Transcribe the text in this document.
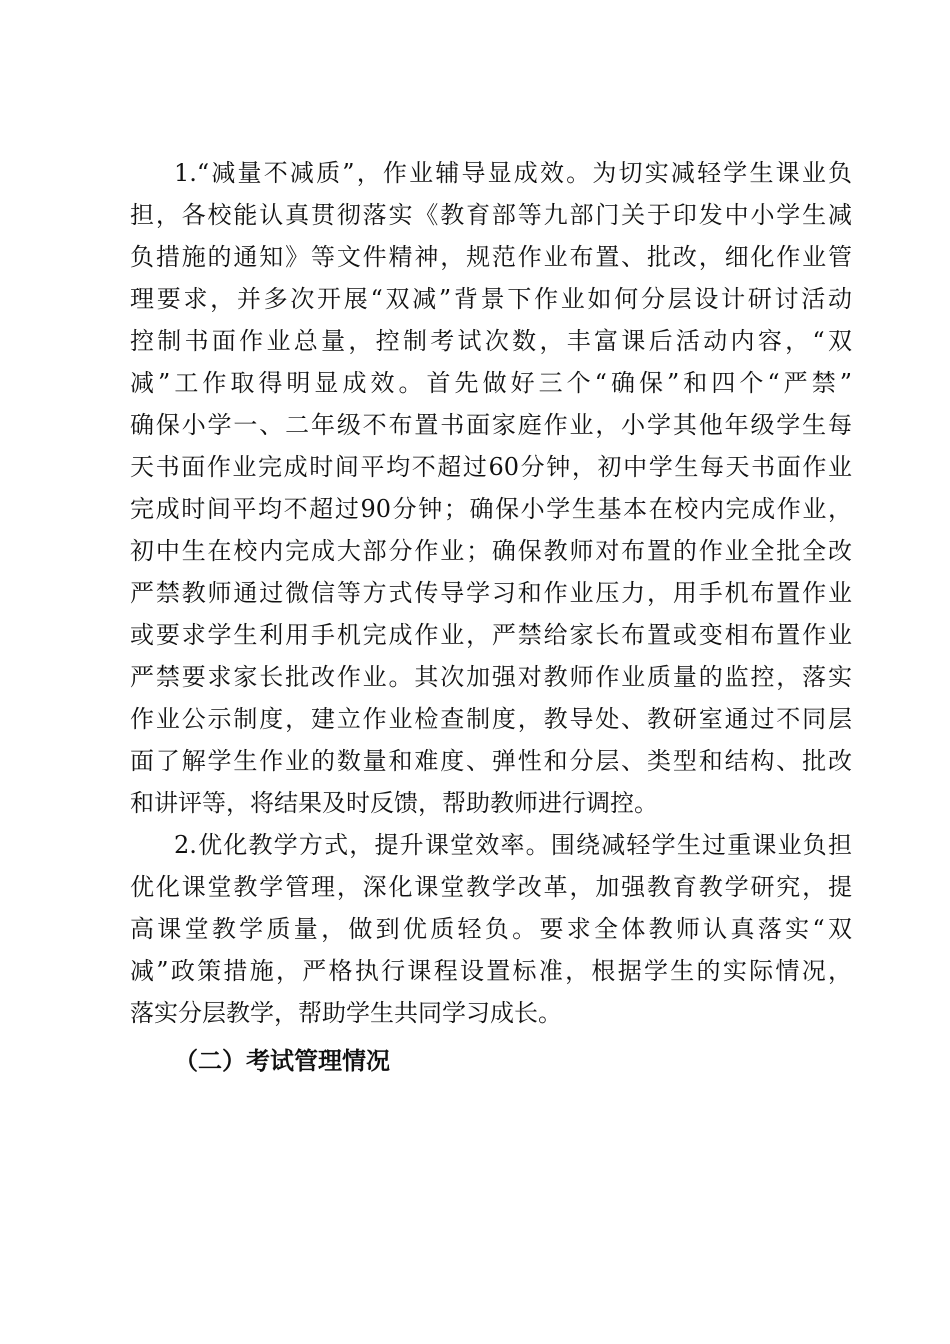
1.“减量不减质”，作业辅导显成效。为切实减轻学生课业负
担，各校能认真贯彻落实《教育部等九部门关于印发中小学生减
负措施的通知》等文件精神，规范作业布置、批改，细化作业管
理要求，并多次开展“双减”背景下作业如何分层设计研讨活动
控制书面作业总量，控制考试次数，丰富课后活动内容，“双
减”工作取得明显成效。首先做好三个“确保”和四个“严禁”
确保小学一、二年级不布置书面家庭作业，小学其他年级学生每
天书面作业完成时间平均不超过60分钟，初中学生每天书面作业
完成时间平均不超过90分钟；确保小学生基本在校内完成作业，
初中生在校内完成大部分作业；确保教师对布置的作业全批全改
严禁教师通过微信等方式传导学习和作业压力，用手机布置作业
或要求学生利用手机完成作业，严禁给家长布置或变相布置作业
严禁要求家长批改作业。其次加强对教师作业质量的监控，落实
作业公示制度，建立作业检查制度，教导处、教研室通过不同层
面了解学生作业的数量和难度、弹性和分层、类型和结构、批改
和讲评等，将结果及时反馈，帮助教师进行调控。
2.优化教学方式，提升课堂效率。围绕减轻学生过重课业负担
优化课堂教学管理，深化课堂教学改革，加强教育教学研究，提
高课堂教学质量，做到优质轻负。要求全体教师认真落实“双
减”政策措施，严格执行课程设置标准，根据学生的实际情况，
落实分层教学，帮助学生共同学习成长。
（二）考试管理情况
